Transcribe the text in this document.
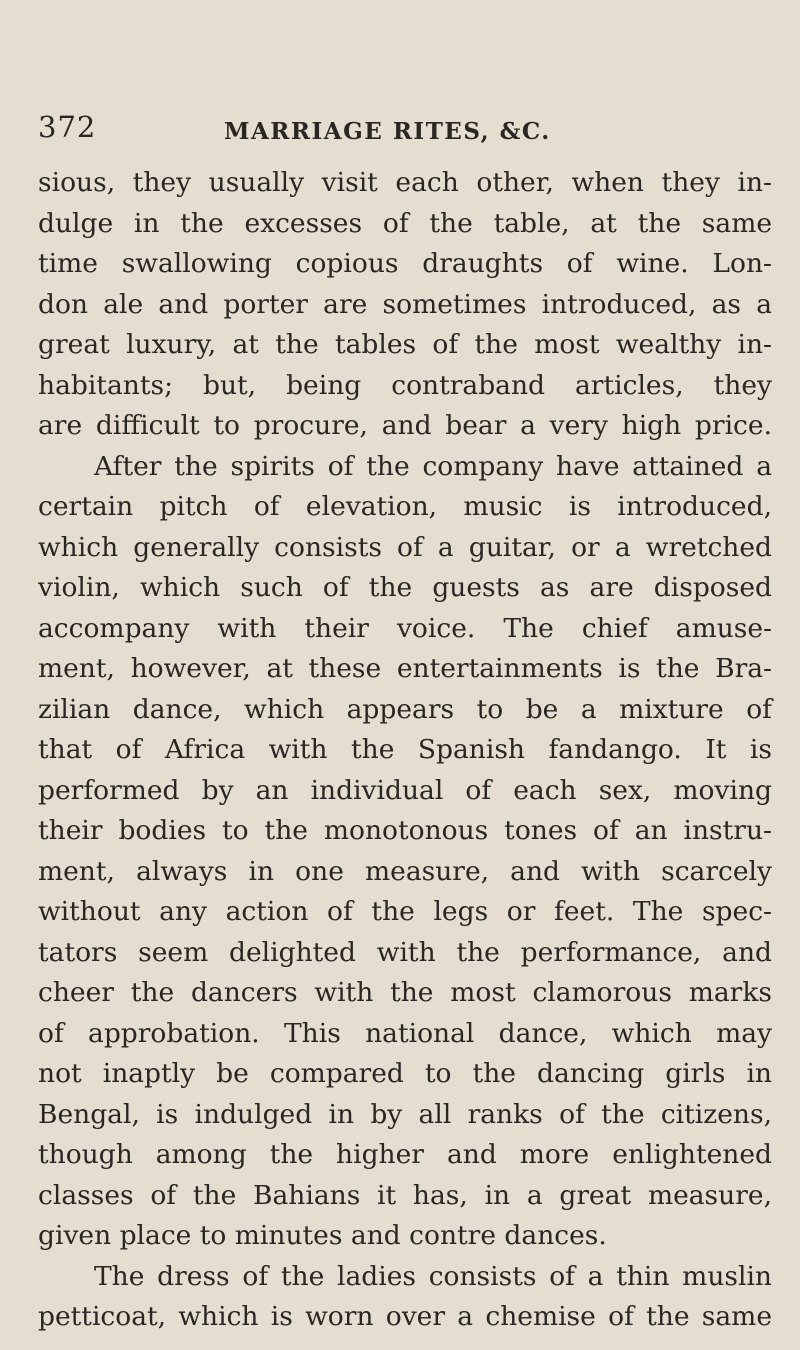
372	MARRIAGE RITES, &C.
sious, they usually visit each other, when they in-
dulge in the excesses of the table, at the same
time swallowing copious draughts of wine. Lon-
don ale and porter are sometimes introduced, as a
great luxury, at the tables of the most wealthy in-
habitants; but, being contraband articles, they
are difficult to procure, and bear a very high price.
After the spirits of the company have attained a
certain pitch of elevation, music is introduced,
which generally consists of a guitar, or a wretched
violin, which such of the guests as are disposed
accompany with their voice. The chief amuse-
ment, however, at these entertainments is the Bra-
zilian dance, which appears to be a mixture of
that of Africa with the Spanish fandango. It is
performed by an individual of each sex, moving
their bodies to the monotonous tones of an instru-
ment, always in one measure, and with scarcely
without any action of the legs or feet. The spec-
tators seem delighted with the performance, and
cheer the dancers with the most clamorous marks
of approbation. This national dance, which may
not inaptly be compared to the dancing girls in
Bengal, is indulged in by all ranks of the citizens,
though among the higher and more enlightened
classes of the Bahians it has, in a great measure,
given place to minutes and contre dances.
The dress of the ladies consists of a thin muslin
petticoat, which is worn over a chemise of the same
